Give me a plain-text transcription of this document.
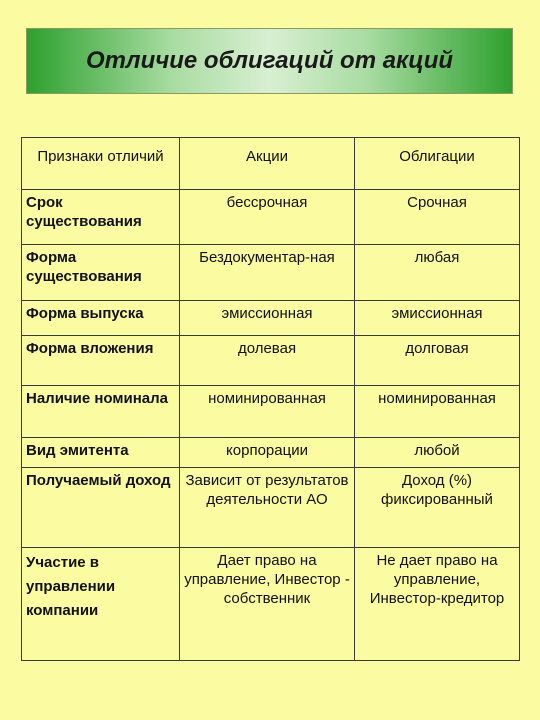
Отличие облигаций от акций
Признаки отличий	Акции	Облигации
Срок существования	бессрочная	Срочная
Форма существования	Бездокументар-ная	любая
Форма выпуска	эмиссионная	эмиссионная
Форма вложения	долевая	долговая
Наличие номинала	номинированная	номинированная
Вид эмитента	корпорации	любой
Получаемый доход	Зависит от результатов деятельности АО	Доход (%) фиксированный
Участие в управлении компании	Дает право на управление, Инвестор - собственник	Не дает право на управление, Инвестор-кредитор
